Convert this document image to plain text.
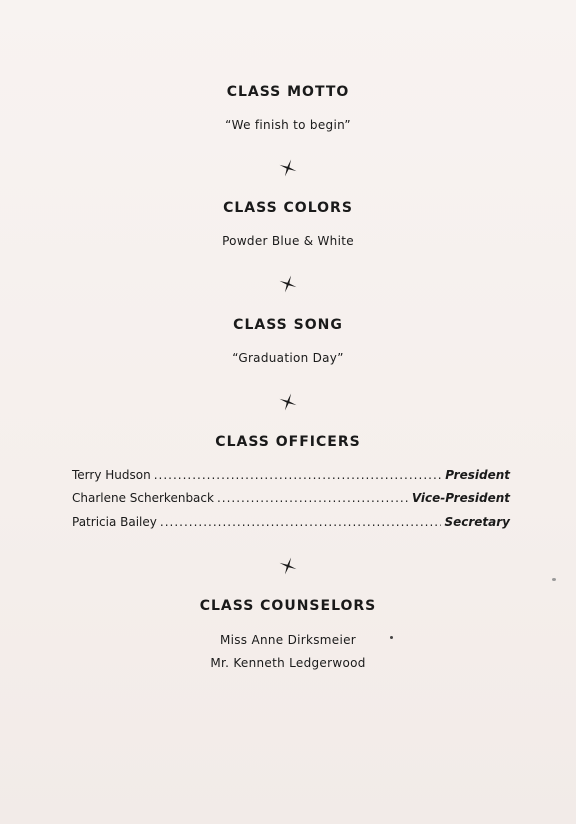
CLASS MOTTO
“We finish to begin”
CLASS COLORS
Powder Blue & White
CLASS SONG
“Graduation Day”
CLASS OFFICERS
Terry Hudson .....	President
Charlene Scherkenback .....	Vice-President
Patricia Bailey .....	Secretary
CLASS COUNSELORS
Miss Anne Dirksmeier
Mr. Kenneth Ledgerwood
